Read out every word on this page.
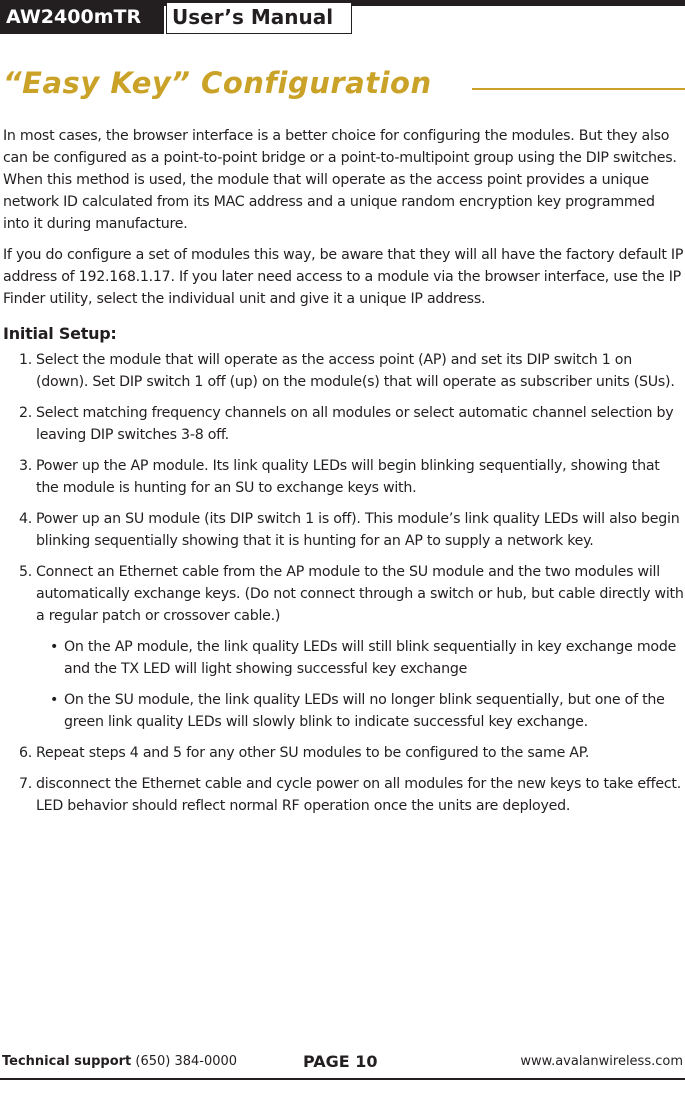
AW2400mTR	User’s Manual
“Easy Key” Configuration

In most cases, the browser interface is a better choice for configuring the modules. But they also can be configured as a point-to-point bridge or a point-to-multipoint group using the DIP switches. When this method is used, the module that will operate as the access point provides a unique network ID calculated from its MAC address and a unique random encryption key programmed into it during manufacture.

If you do configure a set of modules this way, be aware that they will all have the factory default IP address of 192.168.1.17. If you later need access to a module via the browser interface, use the IP Finder utility, select the individual unit and give it a unique IP address.

Initial Setup:
1. Select the module that will operate as the access point (AP) and set its DIP switch 1 on (down). Set DIP switch 1 off (up) on the module(s) that will operate as subscriber units (SUs).
2. Select matching frequency channels on all modules or select automatic channel selection by leaving DIP switches 3-8 off.
3. Power up the AP module. Its link quality LEDs will begin blinking sequentially, showing that the module is hunting for an SU to exchange keys with.
4. Power up an SU module (its DIP switch 1 is off). This module’s link quality LEDs will also begin blinking sequentially showing that it is hunting for an AP to supply a network key.
5. Connect an Ethernet cable from the AP module to the SU module and the two modules will automatically exchange keys. (Do not connect through a switch or hub, but cable directly with a regular patch or crossover cable.)
• On the AP module, the link quality LEDs will still blink sequentially in key exchange mode and the TX LED will light showing successful key exchange
• On the SU module, the link quality LEDs will no longer blink sequentially, but one of the green link quality LEDs will slowly blink to indicate successful key exchange.
6. Repeat steps 4 and 5 for any other SU modules to be configured to the same AP.
7. disconnect the Ethernet cable and cycle power on all modules for the new keys to take effect. LED behavior should reflect normal RF operation once the units are deployed.
Technical support (650) 384-0000	PAGE 10	www.avalanwireless.com
